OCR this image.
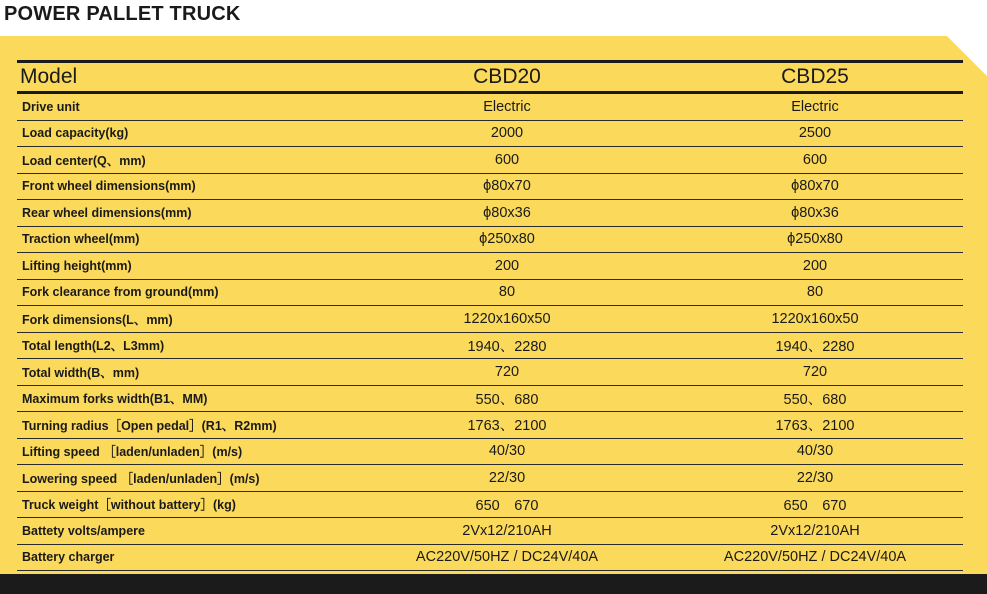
POWER PALLET TRUCK
Model	CBD20	CBD25
Drive unit	Electric	Electric
Load capacity(kg)	2000	2500
Load center(Q、mm)	600	600
Front wheel dimensions(mm)	ϕ80x70	ϕ80x70
Rear wheel dimensions(mm)	ϕ80x36	ϕ80x36
Traction wheel(mm)	ϕ250x80	ϕ250x80
Lifting height(mm)	200	200
Fork clearance from ground(mm)	80	80
Fork dimensions(L、mm)	1220x160x50	1220x160x50
Total length(L2、L3mm)	1940、2280	1940、2280
Total width(B、mm)	720	720
Maximum forks width(B1、MM)	550、680	550、680
Turning radius［Open pedal］(R1、R2mm)	1763、2100	1763、2100
Lifting speed ［laden/unladen］(m/s)	40/30	40/30
Lowering speed ［laden/unladen］(m/s)	22/30	22/30
Truck weight［without battery］(kg)	650　670	650　670
Battety volts/ampere	2Vx12/210AH	2Vx12/210AH
Battery charger	AC220V/50HZ / DC24V/40A	AC220V/50HZ / DC24V/40A
